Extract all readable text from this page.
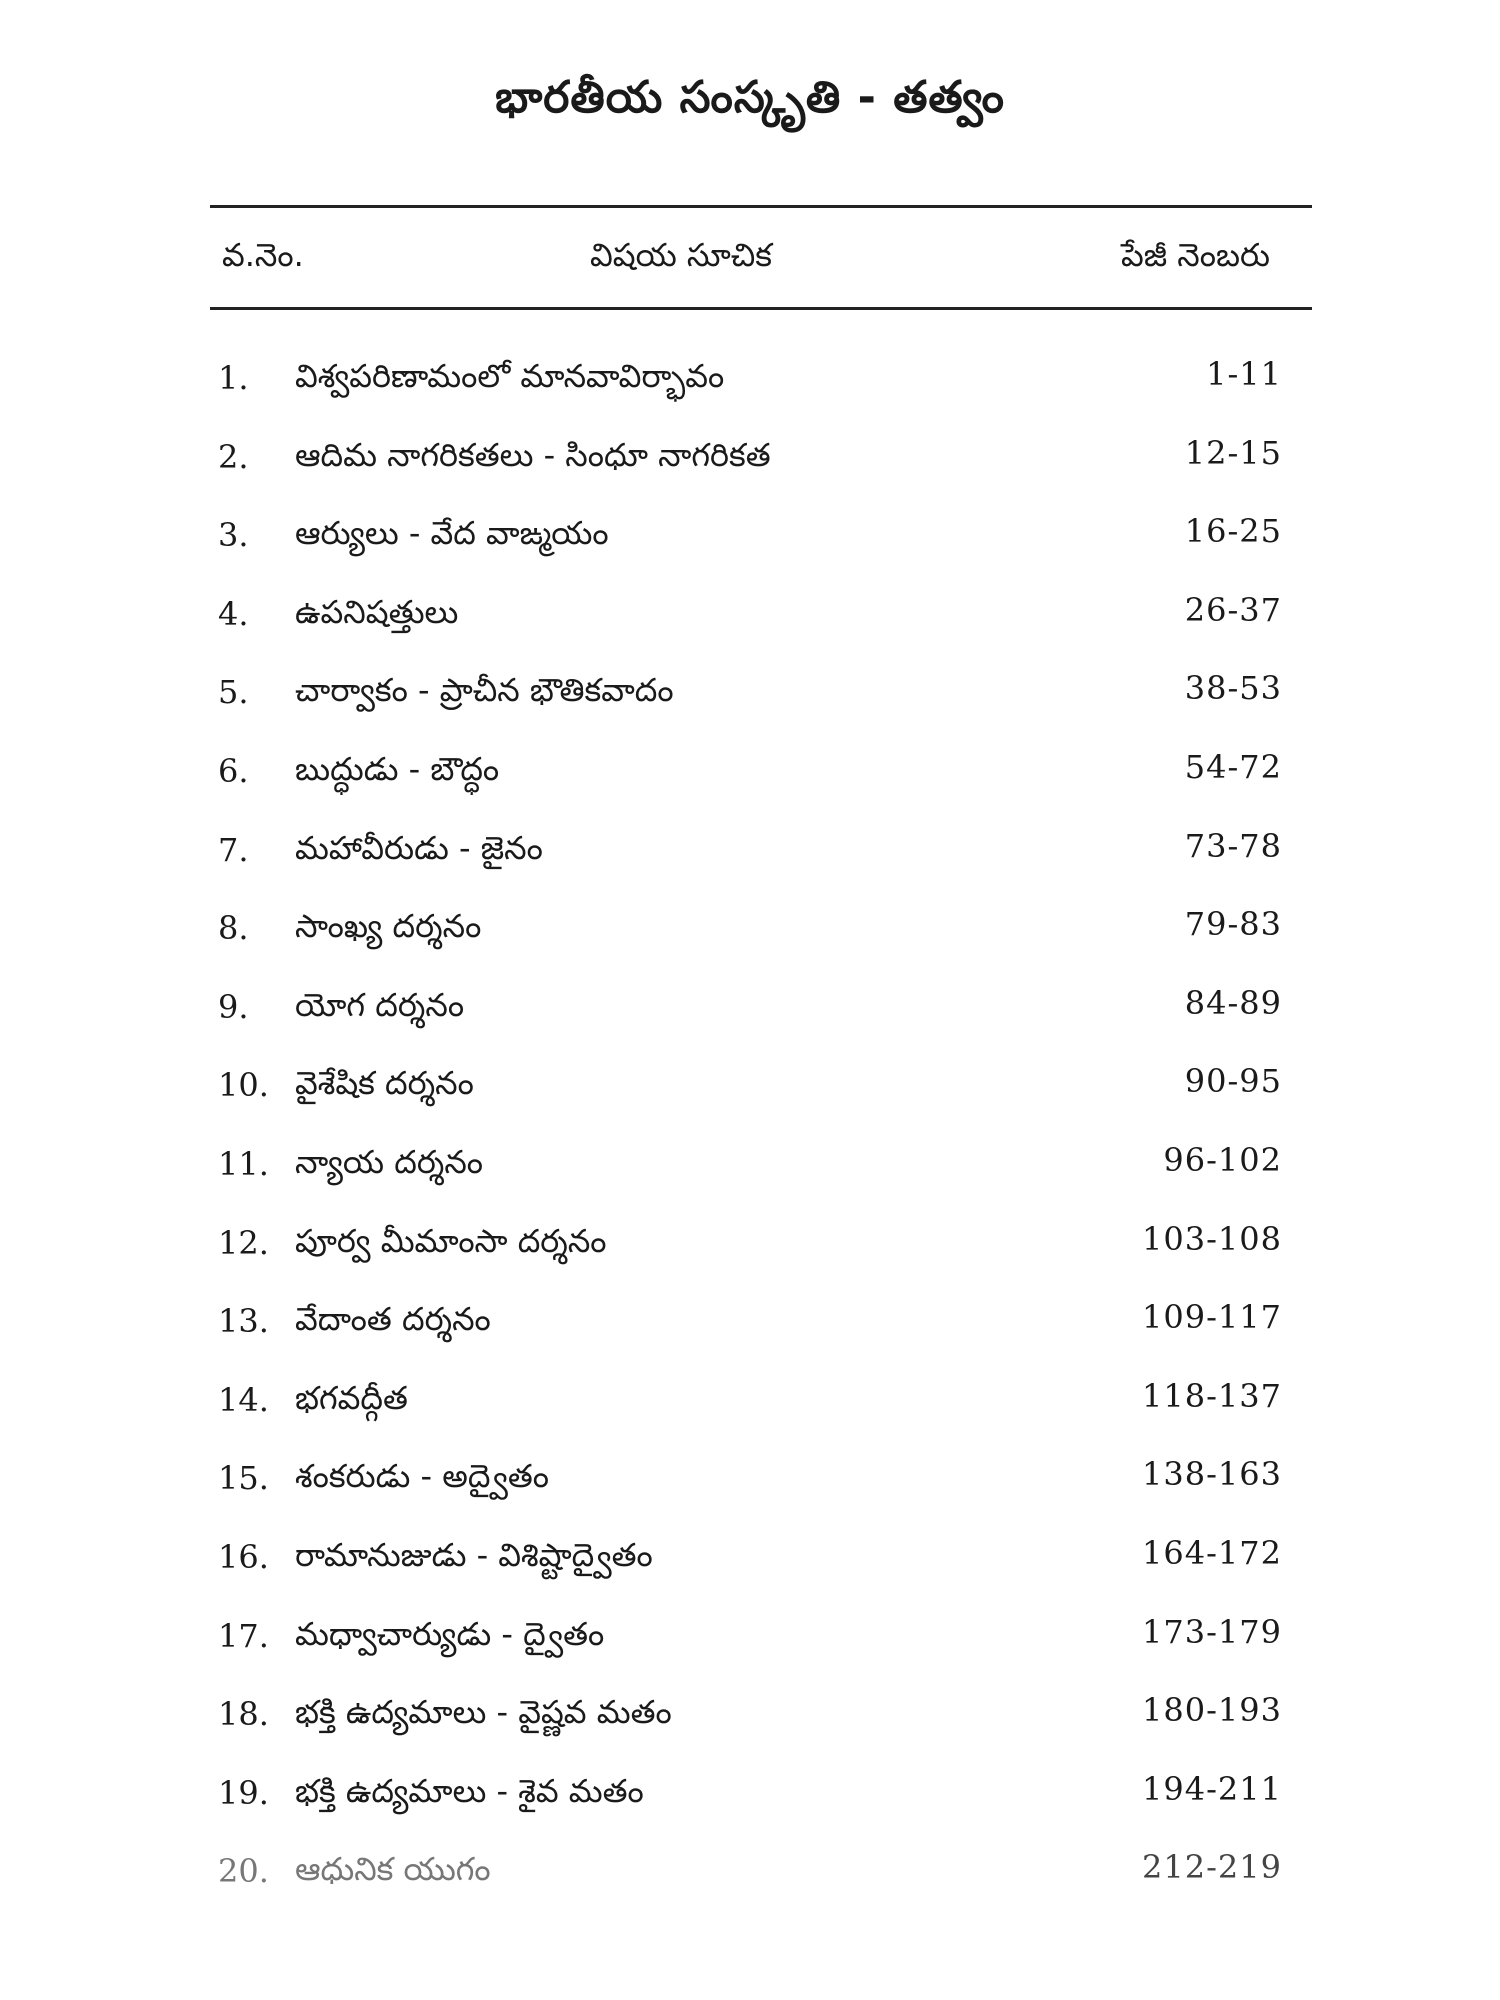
భారతీయ సంస్కృతి - తత్వం
వ.నెం.	విషయ సూచిక	పేజీ నెంబరు
1. విశ్వపరిణామంలో మానవావిర్భావం	1-11
2. ఆదిమ నాగరికతలు - సింధూ నాగరికత	12-15
3. ఆర్యులు - వేద వాఙ్మయం	16-25
4. ఉపనిషత్తులు	26-37
5. చార్వాకం - ప్రాచీన భౌతికవాదం	38-53
6. బుద్ధుడు - బౌద్ధం	54-72
7. మహావీరుడు - జైనం	73-78
8. సాంఖ్య దర్శనం	79-83
9. యోగ దర్శనం	84-89
10. వైశేషిక దర్శనం	90-95
11. న్యాయ దర్శనం	96-102
12. పూర్వ మీమాంసా దర్శనం	103-108
13. వేదాంత దర్శనం	109-117
14. భగవద్గీత	118-137
15. శంకరుడు - అద్వైతం	138-163
16. రామానుజుడు - విశిష్టాద్వైతం	164-172
17. మధ్వాచార్యుడు - ద్వైతం	173-179
18. భక్తి ఉద్యమాలు - వైష్ణవ మతం	180-193
19. భక్తి ఉద్యమాలు - శైవ మతం	194-211
20. ఆధునిక యుగం	212-219
